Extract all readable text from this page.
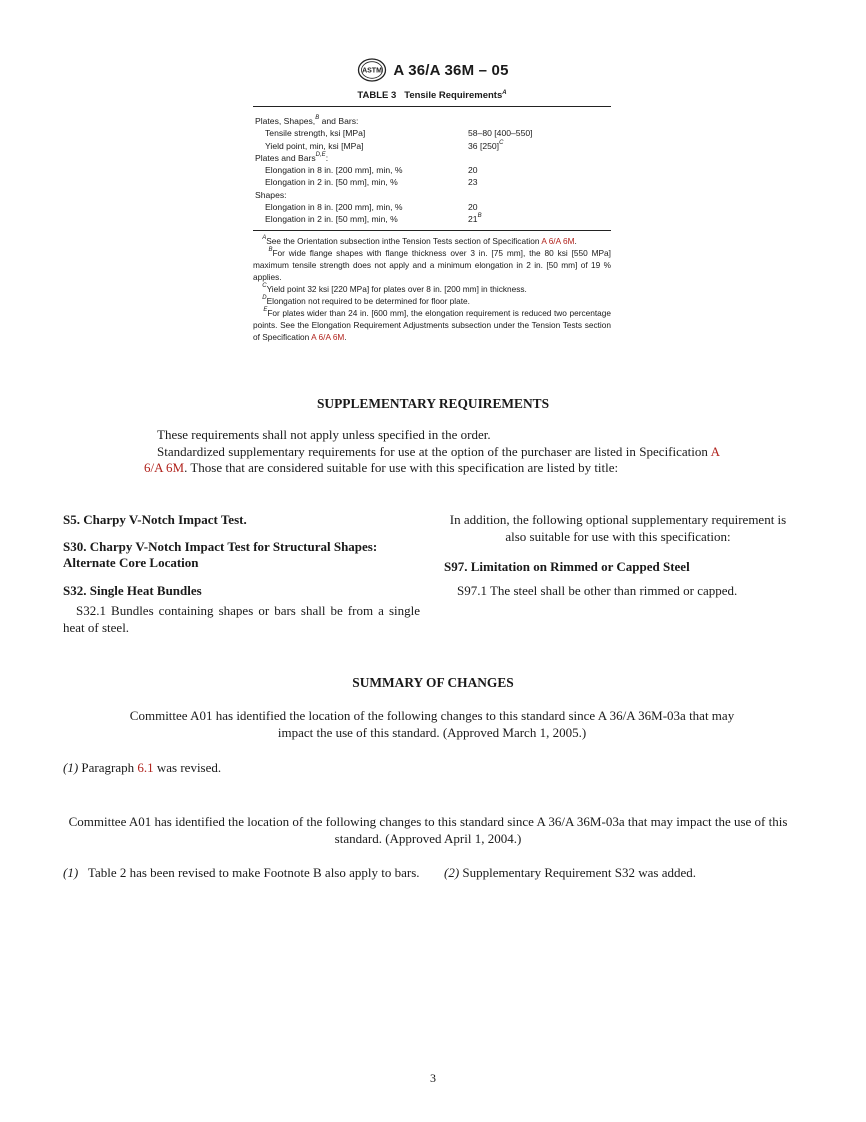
ASTM A 36/A 36M – 05
TABLE 3 Tensile Requirements$^A$
Plates, Shapes,$^B$ and Bars:
Tensile strength, ksi [MPa]	58–80 [400–550]
Yield point, min, ksi [MPa]	36 $[250]^C$
Plates and Bars$^{D,E}$:
Elongation in 8 in. [200 mm], min, %	20
Elongation in 2 in. [50 mm], min, %	23
Shapes:
Elongation in 8 in. [200 mm], min, %	20
Elongation in 2 in. [50 mm], min, %	$21^B$

$^A$See the Orientation subsection inthe Tension Tests section of Specification A 6/A 6M.

$^B$For wide flange shapes with flange thickness over 3 in. [75 mm], the 80 ksi [550 MPa] maximum tensile strength does not apply and a minimum elongation in 2 in. [50 mm] of 19 % applies.

$^C$Yield point 32 ksi [220 MPa] for plates over 8 in. [200 mm] in thickness.

$^D$Elongation not required to be determined for floor plate.

$^E$For plates wider than 24 in. [600 mm], the elongation requirement is reduced two percentage points. See the Elongation Requirement Adjustments subsection under the Tension Tests section of Specification A 6/A 6M.

SUPPLEMENTARY REQUIREMENTS
These requirements shall not apply unless specified in the order.
Standardized supplementary requirements for use at the option of the purchaser are listed in Specification A 6/A 6M. Those that are considered suitable for use with this specification are listed by title:
S5. Charpy V-Notch Impact Test.
S30. Charpy V-Notch Impact Test for Structural Shapes: Alternate Core Location
S32. Single Heat Bundles
S32.1 Bundles containing shapes or bars shall be from a single heat of steel.
In addition, the following optional supplementary requirement is also suitable for use with this specification:
S97. Limitation on Rimmed or Capped Steel
S97.1 The steel shall be other than rimmed or capped.
SUMMARY OF CHANGES
Committee A01 has identified the location of the following changes to this standard since A 36/A 36M-03a that may impact the use of this standard. (Approved March 1, 2005.)
(1) Paragraph 6.1 was revised.
Committee A01 has identified the location of the following changes to this standard since A 36/A 36M-03a that may impact the use of this standard. (Approved April 1, 2004.)
(1) Table 2 has been revised to make Footnote B also apply to bars. (2) Supplementary Requirement S32 was added.
3
